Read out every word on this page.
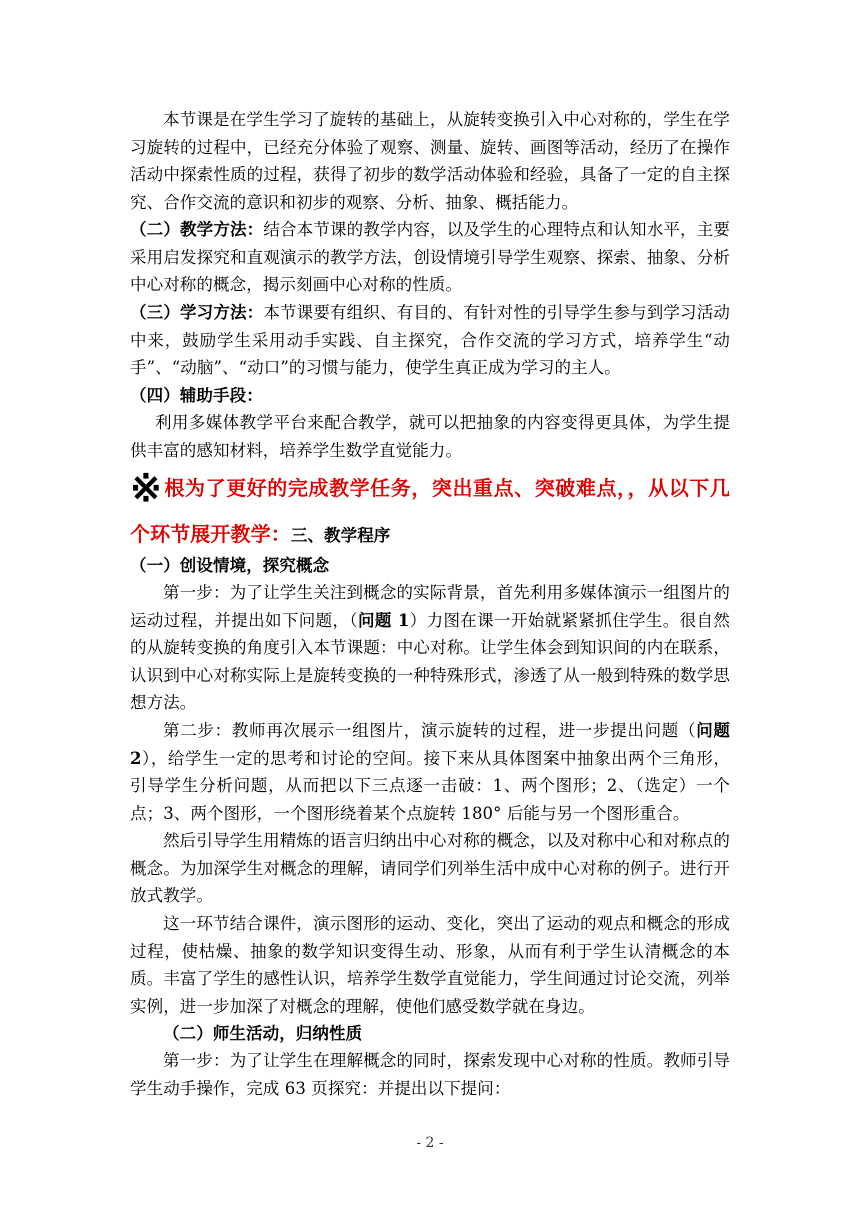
本节课是在学生学习了旋转的基础上，从旋转变换引入中心对称的，学生在学习旋转的过程中，已经充分体验了观察、测量、旋转、画图等活动，经历了在操作活动中探索性质的过程，获得了初步的数学活动体验和经验，具备了一定的自主探究、合作交流的意识和初步的观察、分析、抽象、概括能力。
（二）教学方法：结合本节课的教学内容，以及学生的心理特点和认知水平，主要采用启发探究和直观演示的教学方法，创设情境引导学生观察、探索、抽象、分析中心对称的概念，揭示刻画中心对称的性质。
（三）学习方法：本节课要有组织、有目的、有针对性的引导学生参与到学习活动中来，鼓励学生采用动手实践、自主探究，合作交流的学习方式，培养学生“动手”、“动脑”、“动口”的习惯与能力，使学生真正成为学习的主人。
（四）辅助手段：
利用多媒体教学平台来配合教学，就可以把抽象的内容变得更具体，为学生提供丰富的感知材料，培养学生数学直觉能力。
※ 根为了更好的完成教学任务，突出重点、突破难点，，从以下几个环节展开教学：三、教学程序
（一）创设情境，探究概念
第一步：为了让学生关注到概念的实际背景，首先利用多媒体演示一组图片的运动过程，并提出如下问题，（问题 1）力图在课一开始就紧紧抓住学生。很自然的从旋转变换的角度引入本节课题：中心对称。让学生体会到知识间的内在联系，认识到中心对称实际上是旋转变换的一种特殊形式，渗透了从一般到特殊的数学思想方法。
第二步：教师再次展示一组图片，演示旋转的过程，进一步提出问题（问题 2），给学生一定的思考和讨论的空间。接下来从具体图案中抽象出两个三角形，引导学生分析问题，从而把以下三点逐一击破：1、两个图形；2、（选定）一个点；3、两个图形，一个图形绕着某个点旋转 180° 后能与另一个图形重合。
然后引导学生用精炼的语言归纳出中心对称的概念，以及对称中心和对称点的概念。为加深学生对概念的理解，请同学们列举生活中成中心对称的例子。进行开放式教学。
这一环节结合课件，演示图形的运动、变化，突出了运动的观点和概念的形成过程，使枯燥、抽象的数学知识变得生动、形象，从而有利于学生认清概念的本质。丰富了学生的感性认识，培养学生数学直觉能力，学生间通过讨论交流，列举实例，进一步加深了对概念的理解，使他们感受数学就在身边。
（二）师生活动，归纳性质
第一步：为了让学生在理解概念的同时，探索发现中心对称的性质。教师引导学生动手操作，完成 63 页探究：并提出以下提问：
- 2 -
